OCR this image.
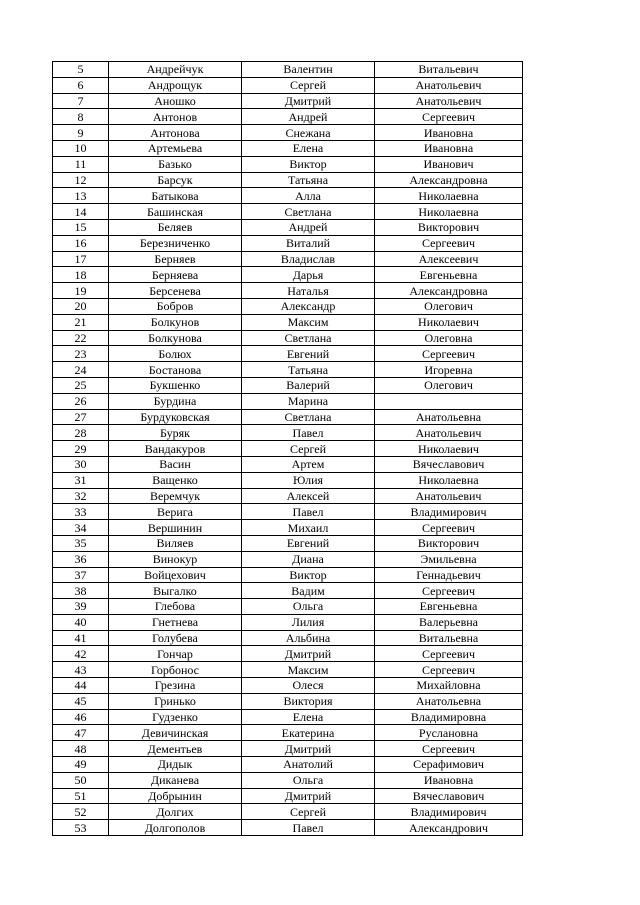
5	Андрейчук	Валентин	Витальевич
6	Андрощук	Сергей	Анатольевич
7	Аношко	Дмитрий	Анатольевич
8	Антонов	Андрей	Сергеевич
9	Антонова	Снежана	Ивановна
10	Артемьева	Елена	Ивановна
11	Базько	Виктор	Иванович
12	Барсук	Татьяна	Александровна
13	Батыкова	Алла	Николаевна
14	Башинская	Светлана	Николаевна
15	Беляев	Андрей	Викторович
16	Березниченко	Виталий	Сергеевич
17	Берняев	Владислав	Алексеевич
18	Берняева	Дарья	Евгеньевна
19	Берсенева	Наталья	Александровна
20	Бобров	Александр	Олегович
21	Болкунов	Максим	Николаевич
22	Болкунова	Светлана	Олеговна
23	Болюх	Евгений	Сергеевич
24	Бостанова	Татьяна	Игоревна
25	Букшенко	Валерий	Олегович
26	Бурдина	Марина	
27	Бурдуковская	Светлана	Анатольевна
28	Буряк	Павел	Анатольевич
29	Вандакуров	Сергей	Николаевич
30	Васин	Артем	Вячеславович
31	Ващенко	Юлия	Николаевна
32	Веремчук	Алексей	Анатольевич
33	Верига	Павел	Владимирович
34	Вершинин	Михаил	Сергеевич
35	Виляев	Евгений	Викторович
36	Винокур	Диана	Эмильевна
37	Войцехович	Виктор	Геннадьевич
38	Выгалко	Вадим	Сергеевич
39	Глебова	Ольга	Евгеньевна
40	Гнетнева	Лилия	Валерьевна
41	Голубева	Альбина	Витальевна
42	Гончар	Дмитрий	Сергеевич
43	Горбонос	Максим	Сергеевич
44	Грезина	Олеся	Михайловна
45	Гринько	Виктория	Анатольевна
46	Гудзенко	Елена	Владимировна
47	Девичинская	Екатерина	Руслановна
48	Дементьев	Дмитрий	Сергеевич
49	Дидык	Анатолий	Серафимович
50	Диканева	Ольга	Ивановна
51	Добрынин	Дмитрий	Вячеславович
52	Долгих	Сергей	Владимирович
53	Долгополов	Павел	Александрович
